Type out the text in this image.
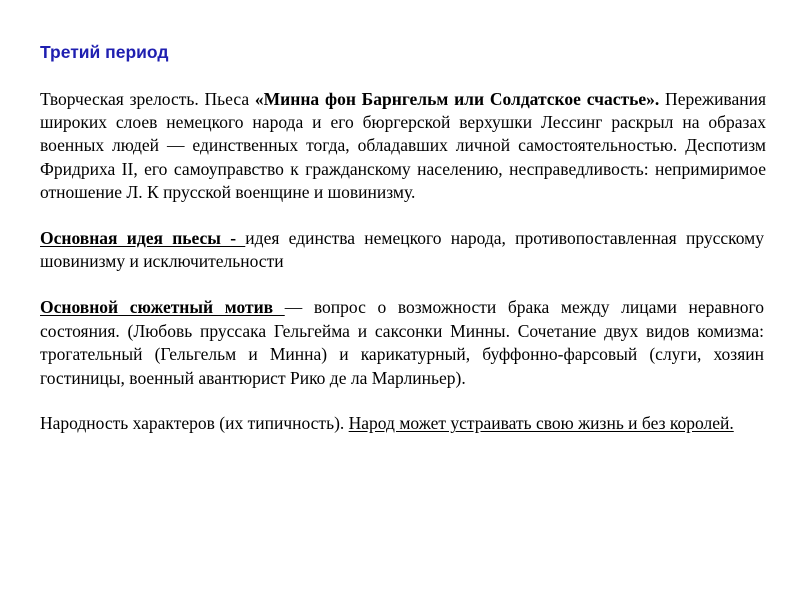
Третий период

Творческая зрелость. Пьеса «Минна фон Барнгельм или Солдатское счастье». Переживания широких слоев немецкого народа и его бюргерской верхушки Лессинг раскрыл на образах военных людей — единственных тогда, обладавших личной самостоятельностью. Деспотизм Фридриха II, его самоуправство к гражданскому населению, несправедливость: непримиримое отношение Л. К прусской военщине и шовинизму.

Основная идея пьесы - идея единства немецкого народа, противопоставленная прусскому шовинизму и исключительности

Основной сюжетный мотив — вопрос о возможности брака между лицами неравного состояния. (Любовь пруссака Гельгейма и саксонки Минны. Сочетание двух видов комизма: трогательный (Гельгельм и Минна) и карикатурный, буффонно-фарсовый (слуги, хозяин гостиницы, военный авантюрист Рико де ла Марлиньер).

Народность характеров (их типичность). Народ может устраивать свою жизнь и без королей.
